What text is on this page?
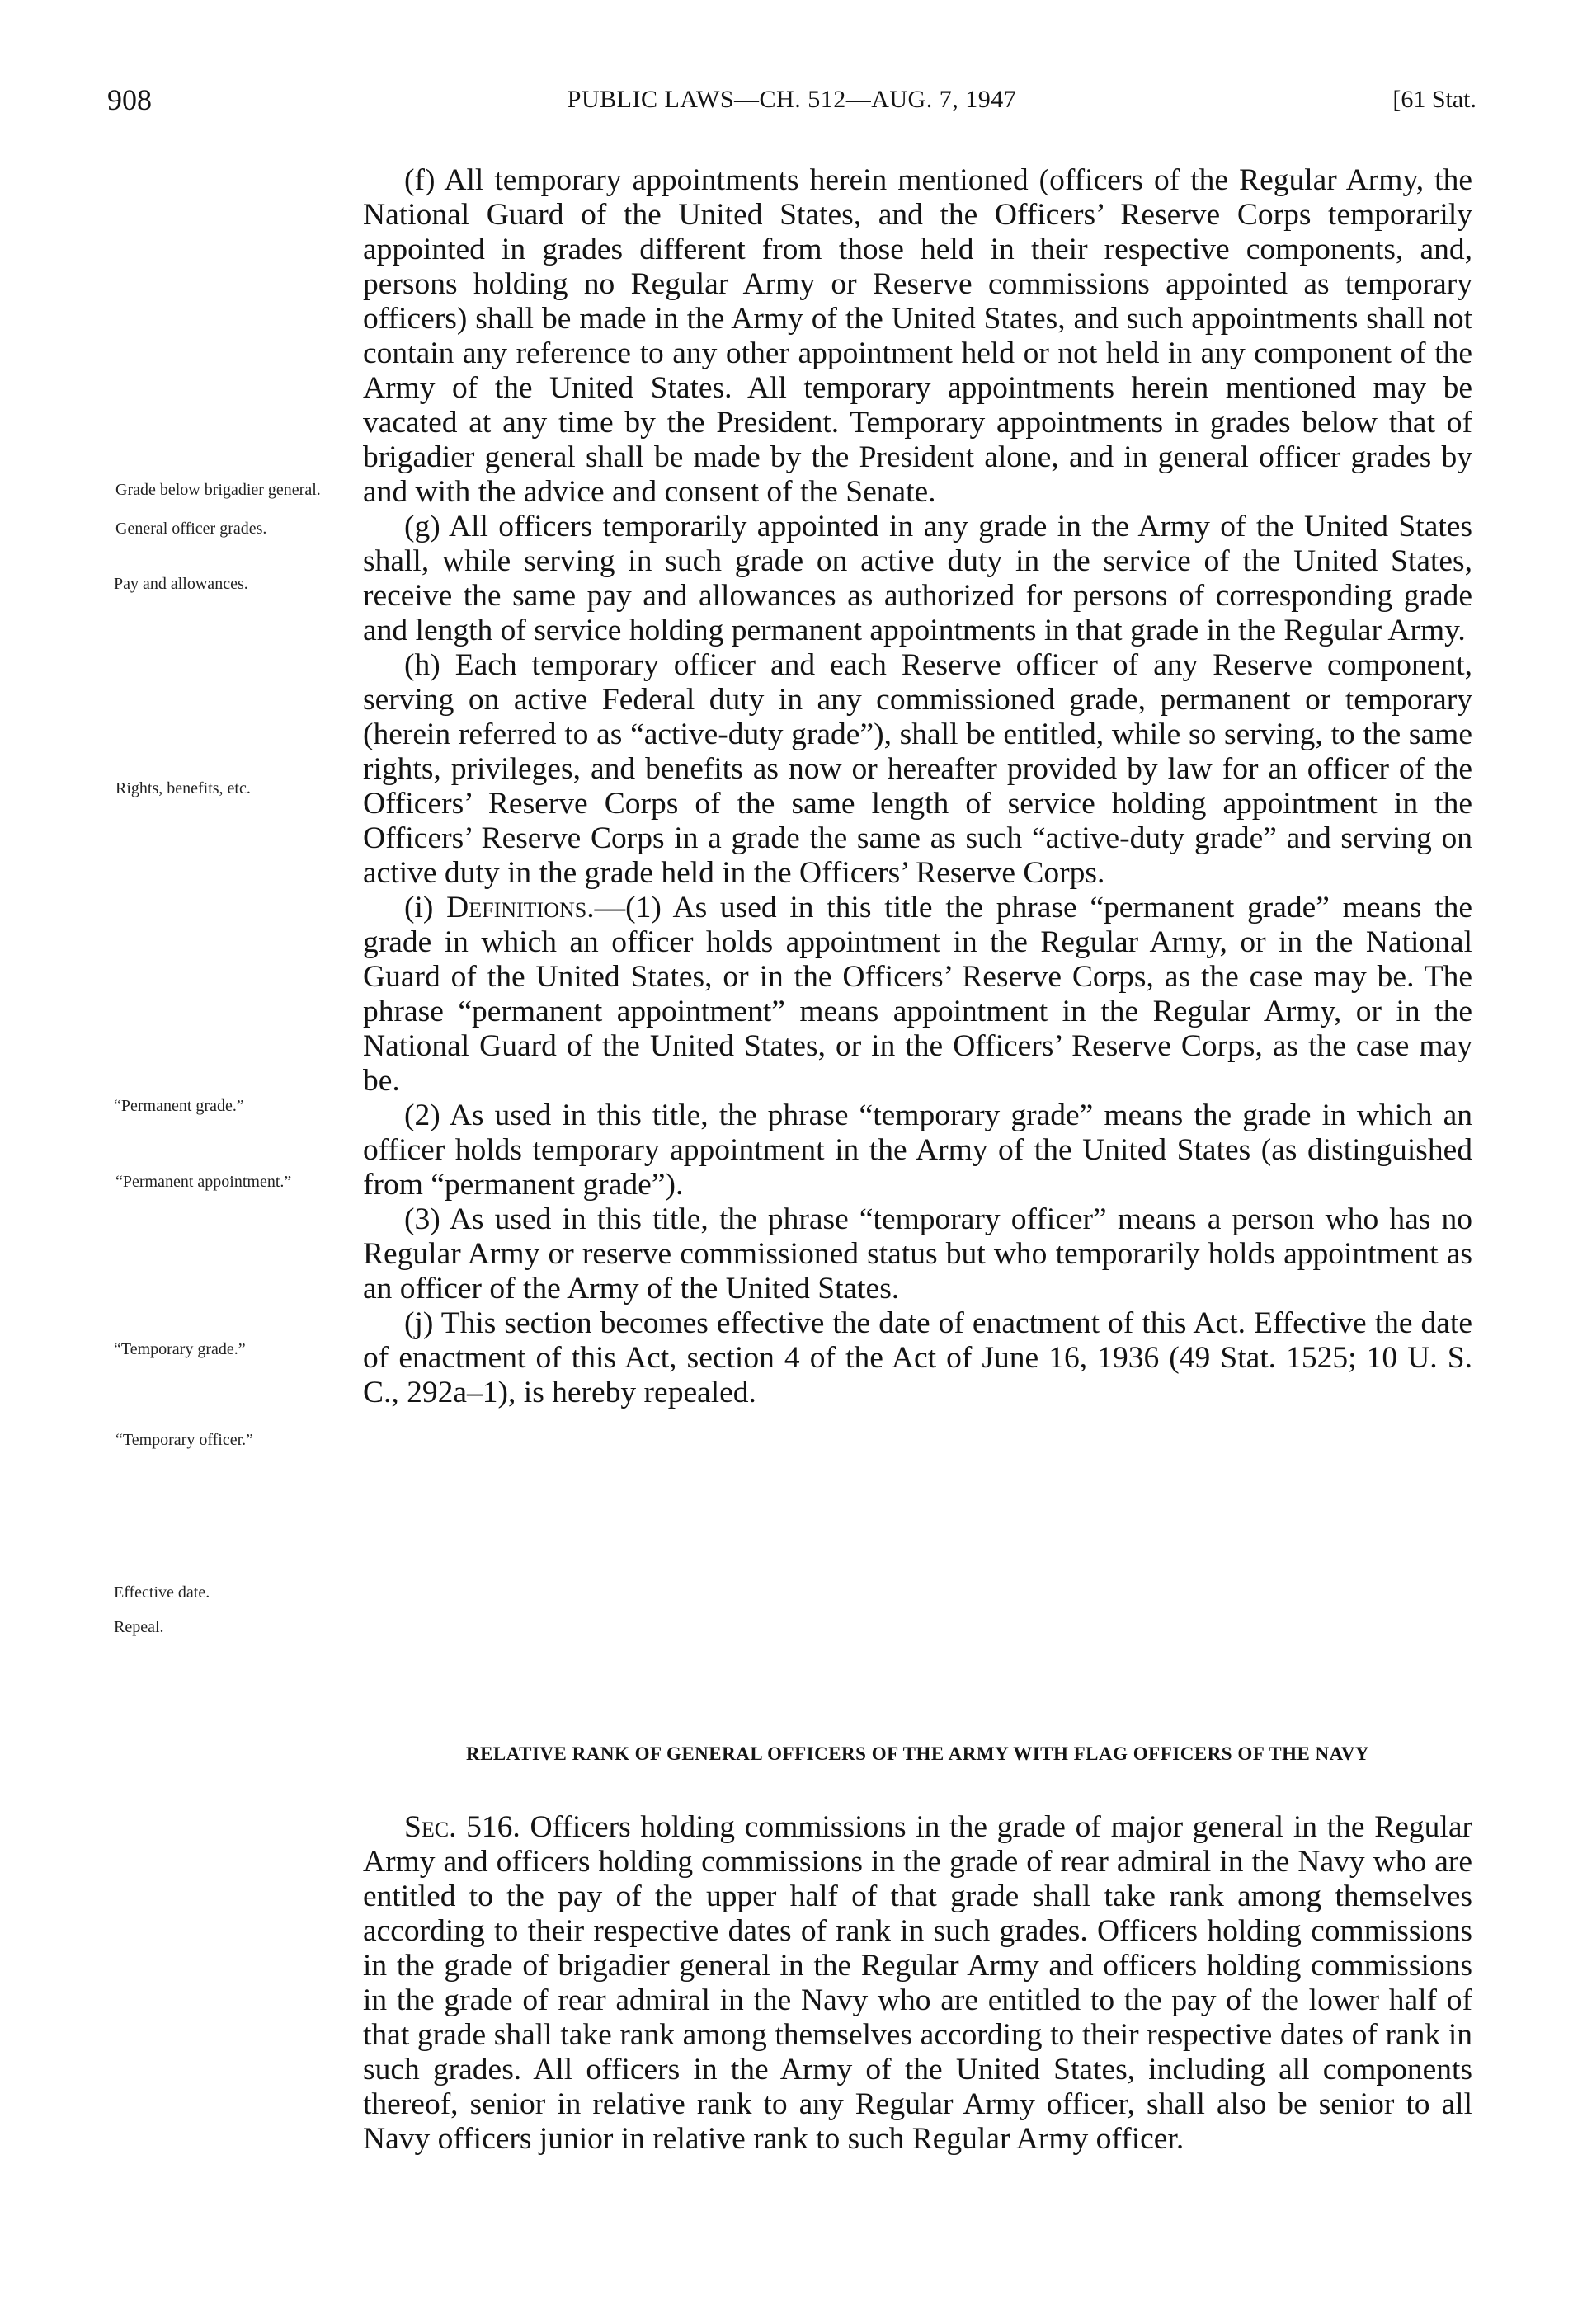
908	PUBLIC LAWS—CH. 512—AUG. 7, 1947	[61 Stat.
Grade below brigadier general.
General officer grades.
Pay and allowances.
Rights, benefits, etc.
“Permanent grade.”
“Permanent appointment.”
“Temporary grade.”
“Temporary officer.”
Effective date.
Repeal.

(f) All temporary appointments herein mentioned (officers of the Regular Army, the National Guard of the United States, and the Officers’ Reserve Corps temporarily appointed in grades different from those held in their respective components, and, persons holding no Regular Army or Reserve commissions appointed as temporary officers) shall be made in the Army of the United States, and such appointments shall not contain any reference to any other appointment held or not held in any component of the Army of the United States. All temporary appointments herein mentioned may be vacated at any time by the President. Temporary appointments in grades below that of brigadier general shall be made by the President alone, and in general officer grades by and with the advice and consent of the Senate.

(g) All officers temporarily appointed in any grade in the Army of the United States shall, while serving in such grade on active duty in the service of the United States, receive the same pay and allowances as authorized for persons of corresponding grade and length of service holding permanent appointments in that grade in the Regular Army.

(h) Each temporary officer and each Reserve officer of any Reserve component, serving on active Federal duty in any commissioned grade, permanent or temporary (herein referred to as “active-duty grade”), shall be entitled, while so serving, to the same rights, privileges, and benefits as now or hereafter provided by law for an officer of the Officers’ Reserve Corps of the same length of service holding appointment in the Officers’ Reserve Corps in a grade the same as such “active-duty grade” and serving on active duty in the grade held in the Officers’ Reserve Corps.

(i) Definitions.—(1) As used in this title the phrase “permanent grade” means the grade in which an officer holds appointment in the Regular Army, or in the National Guard of the United States, or in the Officers’ Reserve Corps, as the case may be. The phrase “permanent appointment” means appointment in the Regular Army, or in the National Guard of the United States, or in the Officers’ Reserve Corps, as the case may be.

(2) As used in this title, the phrase “temporary grade” means the grade in which an officer holds temporary appointment in the Army of the United States (as distinguished from “permanent grade”).

(3) As used in this title, the phrase “temporary officer” means a person who has no Regular Army or reserve commissioned status but who temporarily holds appointment as an officer of the Army of the United States.

(j) This section becomes effective the date of enactment of this Act. Effective the date of enactment of this Act, section 4 of the Act of June 16, 1936 (49 Stat. 1525; 10 U. S. C., 292a–1), is hereby repealed.

RELATIVE RANK OF GENERAL OFFICERS OF THE ARMY WITH FLAG OFFICERS OF THE NAVY

Sec. 516. Officers holding commissions in the grade of major general in the Regular Army and officers holding commissions in the grade of rear admiral in the Navy who are entitled to the pay of the upper half of that grade shall take rank among themselves according to their respective dates of rank in such grades. Officers holding commissions in the grade of brigadier general in the Regular Army and officers holding commissions in the grade of rear admiral in the Navy who are entitled to the pay of the lower half of that grade shall take rank among themselves according to their respective dates of rank in such grades. All officers in the Army of the United States, including all components thereof, senior in relative rank to any Regular Army officer, shall also be senior to all Navy officers junior in relative rank to such Regular Army officer.
